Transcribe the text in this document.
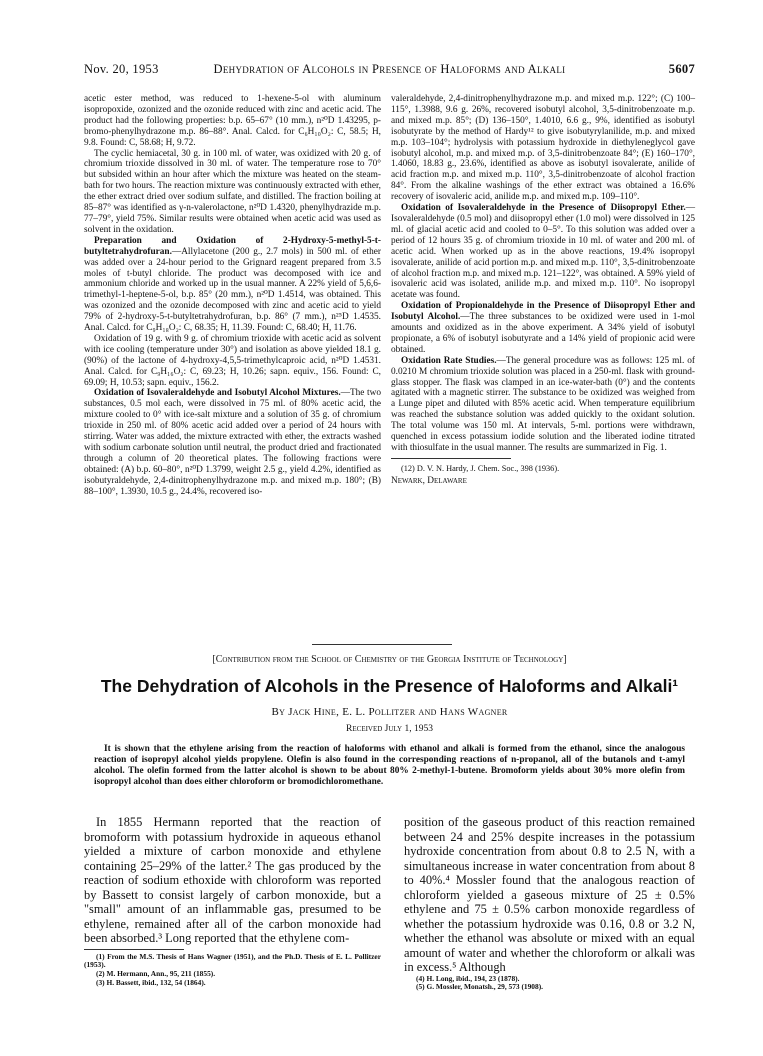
Nov. 20, 1953	Dehydration of Alcohols in Presence of Haloforms and Alkali	5607

acetic ester method, was reduced to 1-hexene-5-ol with aluminum isopropoxide, ozonized and the ozonide reduced with zinc and acetic acid. The product had the following properties: b.p. 65–67° (10 mm.), n²⁰D 1.43295, p-bromo-phenylhydrazone m.p. 86–88°. Anal. Calcd. for C₆H₁₀O₂: C, 58.5; H, 9.8. Found: C, 58.68; H, 9.72.

The cyclic hemiacetal, 30 g. in 100 ml. of water, was oxidized with 20 g. of chromium trioxide dissolved in 30 ml. of water. The temperature rose to 70° but subsided within an hour after which the mixture was heated on the steam-bath for two hours. The reaction mixture was continuously extracted with ether, the ether extract dried over sodium sulfate, and distilled. The fraction boiling at 85–87° was identified as γ-n-valerolactone, n²⁰D 1.4320, phenylhydrazide m.p. 77–79°, yield 75%. Similar results were obtained when acetic acid was used as solvent in the oxidation.

Preparation and Oxidation of 2-Hydroxy-5-methyl-5-t-butyltetrahydrofuran.—Allylacetone (200 g., 2.7 mols) in 500 ml. of ether was added over a 24-hour period to the Grignard reagent prepared from 3.5 moles of t-butyl chloride. The product was decomposed with ice and ammonium chloride and worked up in the usual manner. A 22% yield of 5,6,6-trimethyl-1-heptene-5-ol, b.p. 85° (20 mm.), n²⁰D 1.4514, was obtained. This was ozonized and the ozonide decomposed with zinc and acetic acid to yield 79% of 2-hydroxy-5-t-butyltetrahydrofuran, b.p. 86° (7 mm.), n²⁵D 1.4535. Anal. Calcd. for C₉H₁₈O₂: C, 68.35; H, 11.39. Found: C, 68.40; H, 11.76.

Oxidation of 19 g. with 9 g. of chromium trioxide with acetic acid as solvent with ice cooling (temperature under 30°) and isolation as above yielded 18.1 g. (90%) of the lactone of 4-hydroxy-4,5,5-trimethylcaproic acid, n²⁰D 1.4531. Anal. Calcd. for C₉H₁₆O₂: C, 69.23; H, 10.26; sapn. equiv., 156. Found: C, 69.09; H, 10.53; sapn. equiv., 156.2.

Oxidation of Isovaleraldehyde and Isobutyl Alcohol Mixtures.—The two substances, 0.5 mol each, were dissolved in 75 ml. of 80% acetic acid, the mixture cooled to 0° with ice-salt mixture and a solution of 35 g. of chromium trioxide in 250 ml. of 80% acetic acid added over a period of 24 hours with stirring. Water was added, the mixture extracted with ether, the extracts washed with sodium carbonate solution until neutral, the product dried and fractionated through a column of 20 theoretical plates. The following fractions were obtained: (A) b.p. 60–80°, n²⁰D 1.3799, weight 2.5 g., yield 4.2%, identified as isobutyraldehyde, 2,4-dinitrophenylhydrazone m.p. and mixed m.p. 180°; (B) 88–100°, 1.3930, 10.5 g., 24.4%, recovered iso-

valeraldehyde, 2,4-dinitrophenylhydrazone m.p. and mixed m.p. 122°; (C) 100–115°, 1.3988, 9.6 g. 26%, recovered isobutyl alcohol, 3,5-dinitrobenzoate m.p. and mixed m.p. 85°; (D) 136–150°, 1.4010, 6.6 g., 9%, identified as isobutyl isobutyrate by the method of Hardy¹² to give isobutyrylanilide, m.p. and mixed m.p. 103–104°; hydrolysis with potassium hydroxide in diethyleneglycol gave isobutyl alcohol, m.p. and mixed m.p. of 3,5-dinitrobenzoate 84°; (E) 160–170°, 1.4060, 18.83 g., 23.6%, identified as above as isobutyl isovalerate, anilide of acid fraction m.p. and mixed m.p. 110°, 3,5-dinitrobenzoate of alcohol fraction 84°. From the alkaline washings of the ether extract was obtained a 16.6% recovery of isovaleric acid, anilide m.p. and mixed m.p. 109–110°.

Oxidation of Isovaleraldehyde in the Presence of Diisopropyl Ether.—Isovaleraldehyde (0.5 mol) and diisopropyl ether (1.0 mol) were dissolved in 125 ml. of glacial acetic acid and cooled to 0–5°. To this solution was added over a period of 12 hours 35 g. of chromium trioxide in 10 ml. of water and 200 ml. of acetic acid. When worked up as in the above reactions, 19.4% isopropyl isovalerate, anilide of acid portion m.p. and mixed m.p. 110°, 3,5-dinitrobenzoate of alcohol fraction m.p. and mixed m.p. 121–122°, was obtained. A 59% yield of isovaleric acid was isolated, anilide m.p. and mixed m.p. 110°. No isopropyl acetate was found.

Oxidation of Propionaldehyde in the Presence of Diisopropyl Ether and Isobutyl Alcohol.—The three substances to be oxidized were used in 1-mol amounts and oxidized as in the above experiment. A 34% yield of isobutyl propionate, a 6% of isobutyl isobutyrate and a 14% yield of propionic acid were obtained.

Oxidation Rate Studies.—The general procedure was as follows: 125 ml. of 0.0210 M chromium trioxide solution was placed in a 250-ml. flask with ground-glass stopper. The flask was clamped in an ice-water-bath (0°) and the contents agitated with a magnetic stirrer. The substance to be oxidized was weighed from a Lunge pipet and diluted with 85% acetic acid. When temperature equilibrium was reached the substance solution was added quickly to the oxidant solution. The total volume was 150 ml. At intervals, 5-ml. portions were withdrawn, quenched in excess potassium iodide solution and the liberated iodine titrated with thiosulfate in the usual manner. The results are summarized in Fig. 1.

(12) D. V. N. Hardy, J. Chem. Soc., 398 (1936).

Newark, Delaware
[Contribution from the School of Chemistry of the Georgia Institute of Technology]
The Dehydration of Alcohols in the Presence of Haloforms and Alkali¹
By Jack Hine, E. L. Pollitzer and Hans Wagner
Received July 1, 1953
It is shown that the ethylene arising from the reaction of haloforms with ethanol and alkali is formed from the ethanol, since the analogous reaction of isopropyl alcohol yields propylene. Olefin is also found in the corresponding reactions of n-propanol, all of the butanols and t-amyl alcohol. The olefin formed from the latter alcohol is shown to be about 80% 2-methyl-1-butene. Bromoform yields about 30% more olefin from isopropyl alcohol than does either chloroform or bromodichloromethane.

In 1855 Hermann reported that the reaction of bromoform with potassium hydroxide in aqueous ethanol yielded a mixture of carbon monoxide and ethylene containing 25–29% of the latter.² The gas produced by the reaction of sodium ethoxide with chloroform was reported by Bassett to consist largely of carbon monoxide, but a "small" amount of an inflammable gas, presumed to be ethylene, remained after all of the carbon monoxide had been absorbed.³ Long reported that the ethylene com-

(1) From the M.S. Thesis of Hans Wagner (1951), and the Ph.D. Thesis of E. L. Pollitzer (1953).

(2) M. Hermann, Ann., 95, 211 (1855).

(3) H. Bassett, ibid., 132, 54 (1864).

position of the gaseous product of this reaction remained between 24 and 25% despite increases in the potassium hydroxide concentration from about 0.8 to 2.5 N, with a simultaneous increase in water concentration from about 8 to 40%.⁴ Mossler found that the analogous reaction of chloroform yielded a gaseous mixture of 25 ± 0.5% ethylene and 75 ± 0.5% carbon monoxide regardless of whether the potassium hydroxide was 0.16, 0.8 or 3.2 N, whether the ethanol was absolute or mixed with an equal amount of water and whether the chloroform or alkali was in excess.⁵ Although

(4) H. Long, ibid., 194, 23 (1878).

(5) G. Mossler, Monatsh., 29, 573 (1908).
